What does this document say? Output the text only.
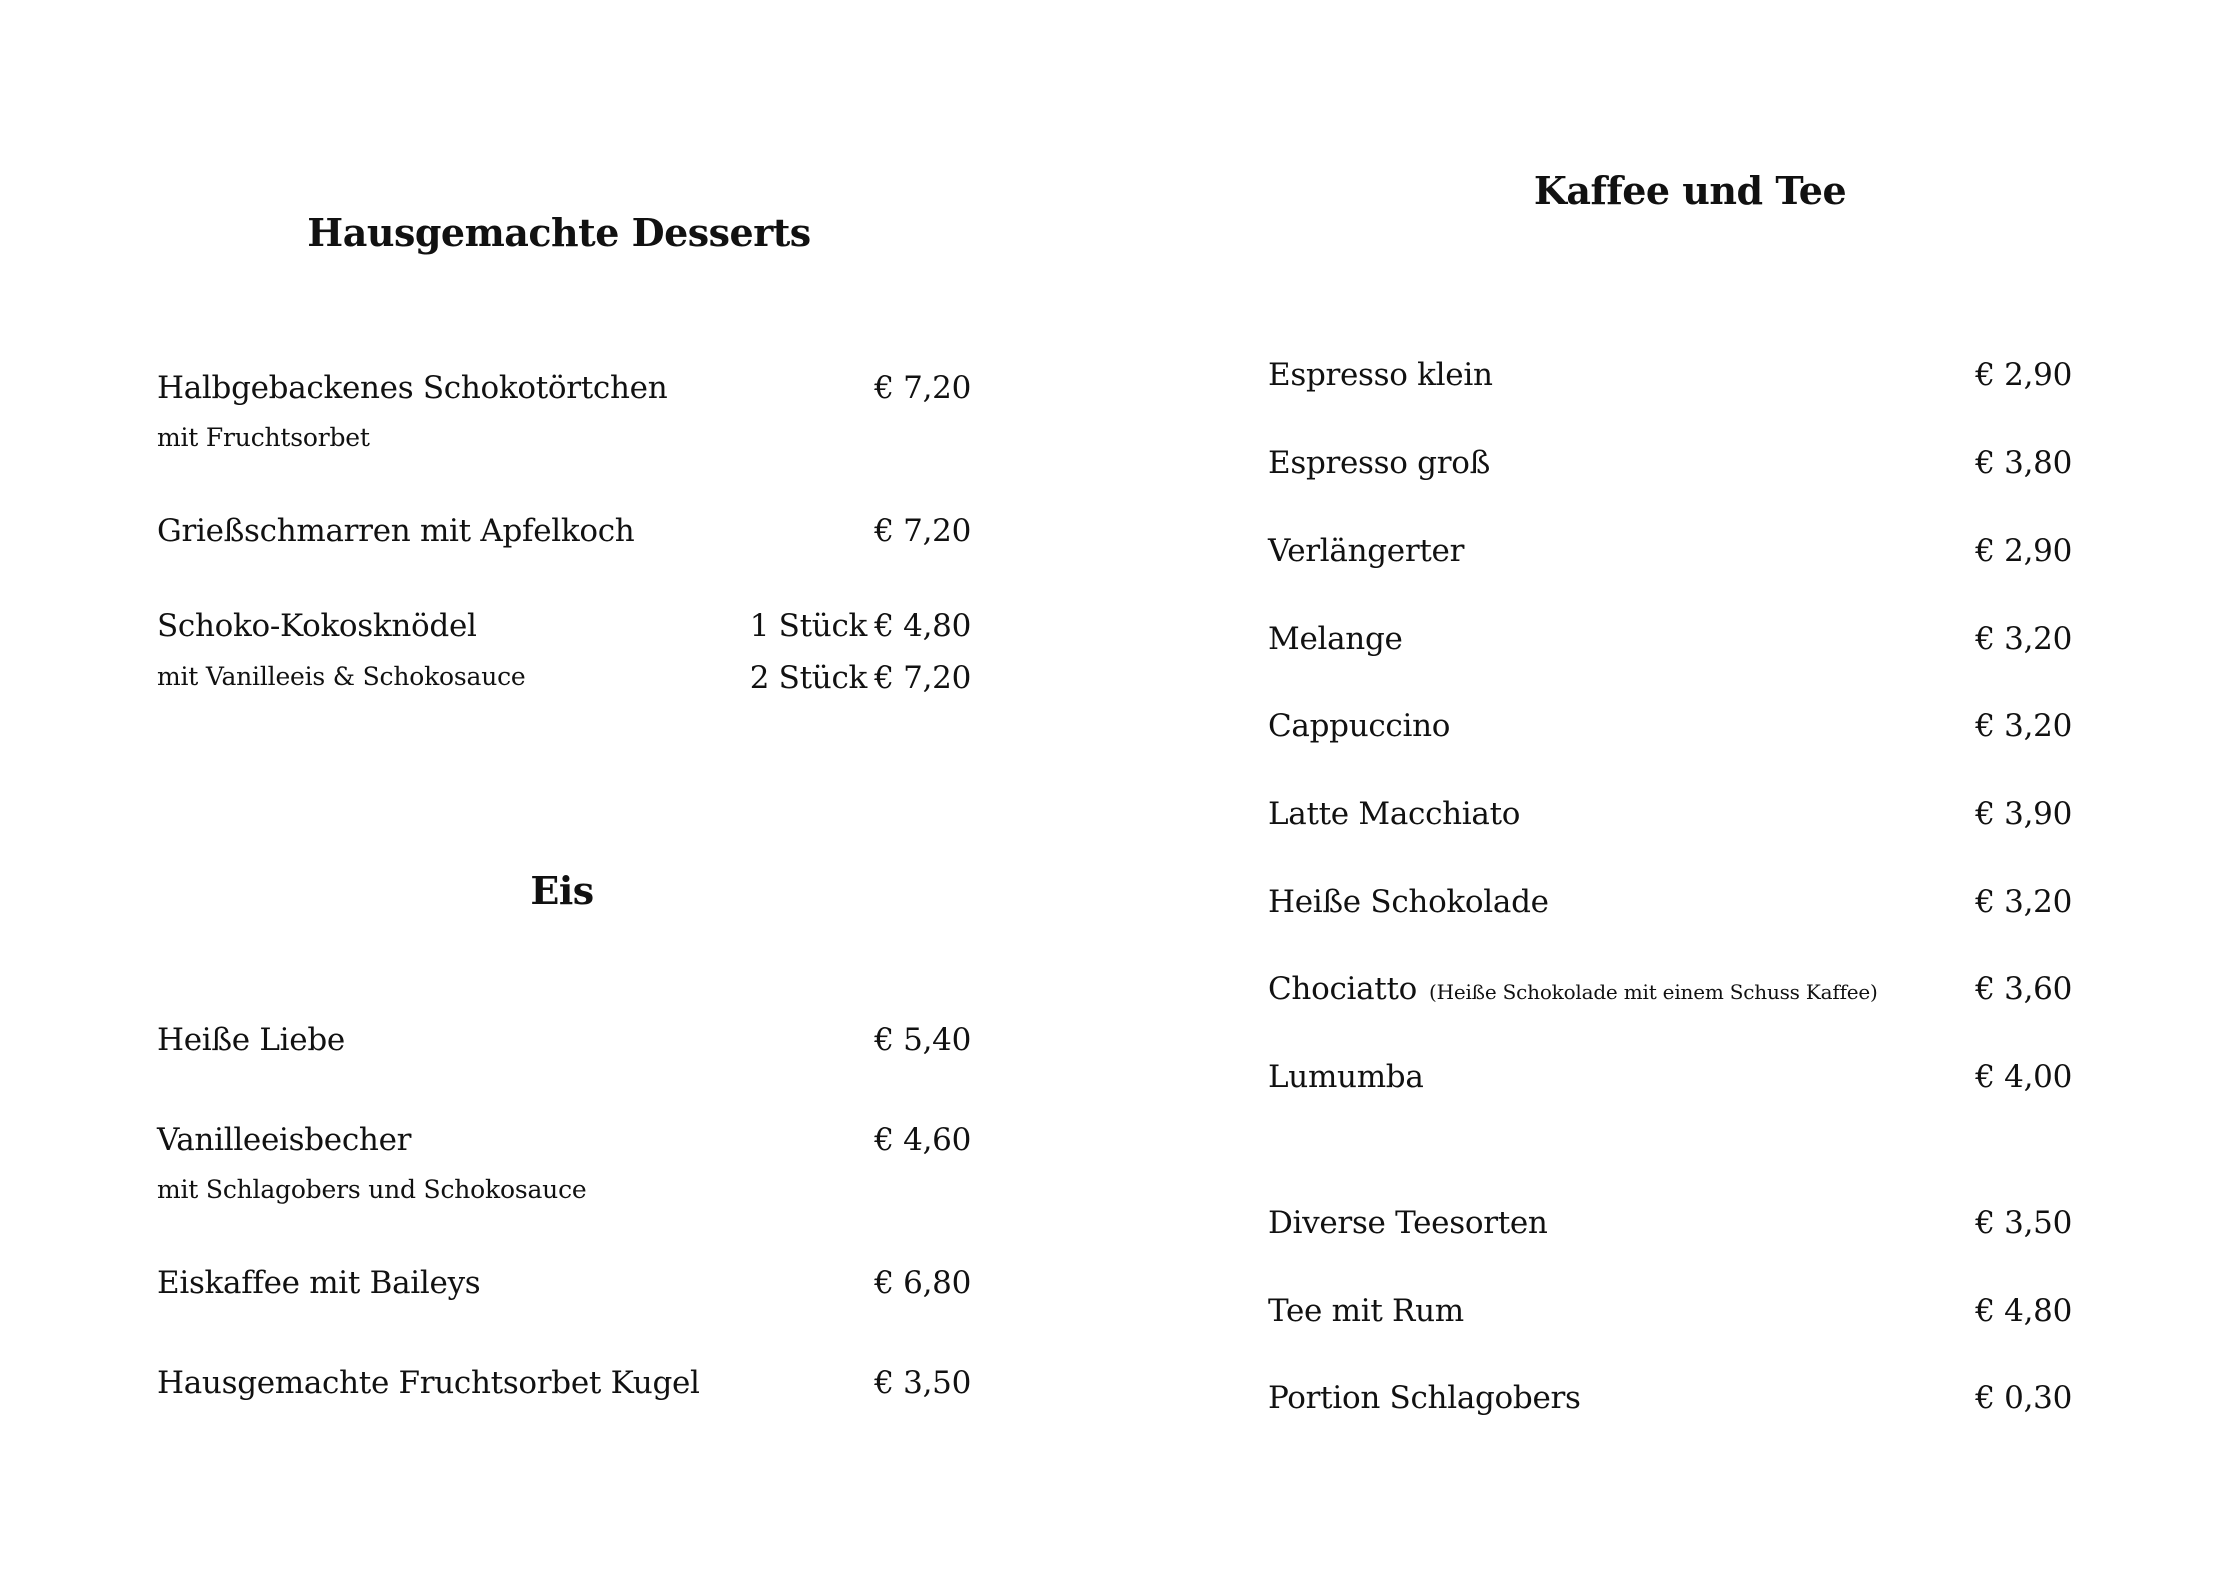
Hausgemachte Desserts
Halbgebackenes Schokotörtchen	€ 7,20
mit Fruchtsorbet
Grießschmarren mit Apfelkoch	€ 7,20
Schoko-Kokosknödel	1 Stück € 4,80
mit Vanilleeis & Schokosauce	2 Stück € 7,20
Eis
Heiße Liebe	€ 5,40
Vanilleeisbecher	€ 4,60
mit Schlagobers und Schokosauce
Eiskaffee mit Baileys	€ 6,80
Hausgemachte Fruchtsorbet Kugel	€ 3,50
Kaffee und Tee
Espresso klein	€ 2,90
Espresso groß	€ 3,80
Verlängerter	€ 2,90
Melange	€ 3,20
Cappuccino	€ 3,20
Latte Macchiato	€ 3,90
Heiße Schokolade	€ 3,20
Chociatto (Heiße Schokolade mit einem Schuss Kaffee)	€ 3,60
Lumumba	€ 4,00
Diverse Teesorten	€ 3,50
Tee mit Rum	€ 4,80
Portion Schlagobers	€ 0,30
